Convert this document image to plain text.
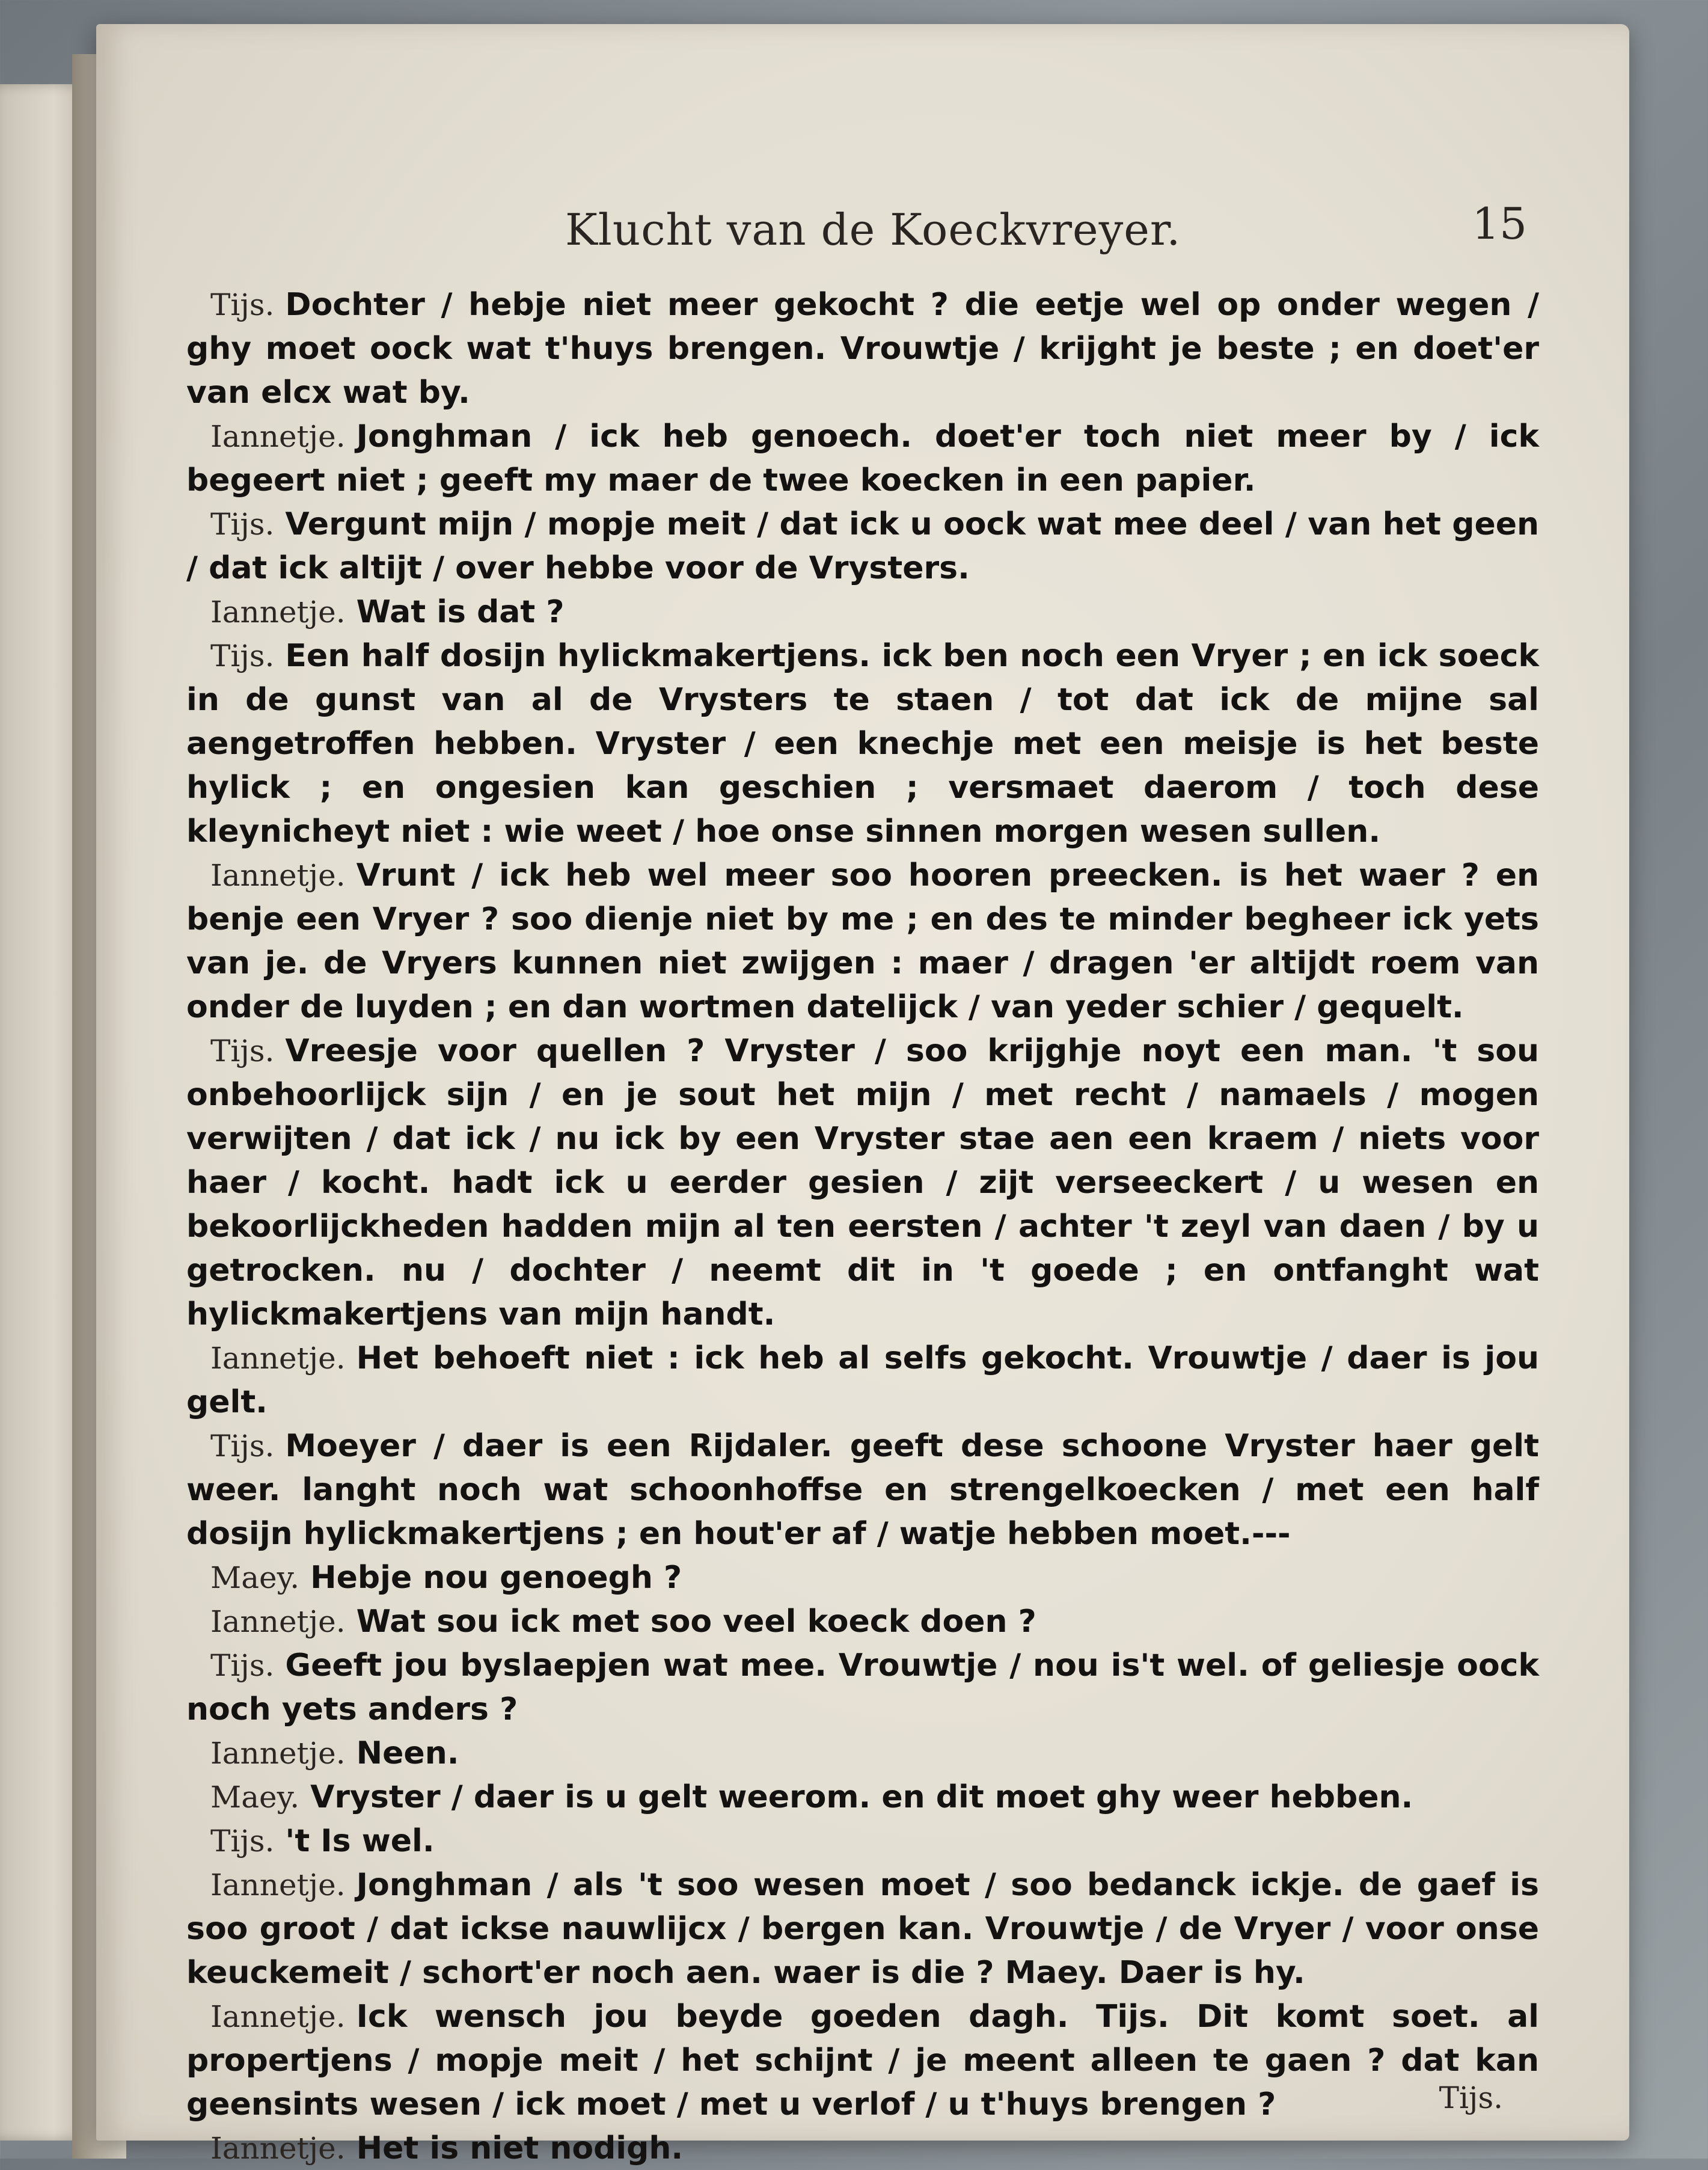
Klucht van de Koeckvreyer.	15

Tijs. Dochter / hebje niet meer gekocht ? die eetje wel op onder wegen / ghy moet oock wat t'huys brengen. Vrouwtje / krijght je beste ; en doet'er van elcx wat by.

Iannetje. Jonghman / ick heb genoech. doet'er toch niet meer by / ick begeert niet ; geeft my maer de twee koecken in een papier.

Tijs. Vergunt mijn / mopje meit / dat ick u oock wat mee deel / van het geen / dat ick altijt / over hebbe voor de Vrysters.

Iannetje. Wat is dat ?

Tijs. Een half dosijn hylickmakertjens. ick ben noch een Vryer ; en ick soeck in de gunst van al de Vrysters te staen / tot dat ick de mijne sal aengetroffen hebben. Vryster / een knechje met een meisje is het beste hylick ; en ongesien kan geschien ; versmaet daerom / toch dese kleynicheyt niet : wie weet / hoe onse sinnen morgen wesen sullen.

Iannetje. Vrunt / ick heb wel meer soo hooren preecken. is het waer ? en benje een Vryer ? soo dienje niet by me ; en des te minder begheer ick yets van je. de Vryers kunnen niet zwijgen : maer / dragen 'er altijdt roem van onder de luyden ; en dan wortmen datelijck / van yeder schier / gequelt.

Tijs. Vreesje voor quellen ? Vryster / soo krijghje noyt een man. 't sou onbehoorlijck sijn / en je sout het mijn / met recht / namaels / mogen verwijten / dat ick / nu ick by een Vryster stae aen een kraem / niets voor haer / kocht. hadt ick u eerder gesien / zijt verseeckert / u wesen en bekoorlijckheden hadden mijn al ten eersten / achter 't zeyl van daen / by u getrocken. nu / dochter / neemt dit in 't goede ; en ontfanght wat hylickmakertjens van mijn handt.

Iannetje. Het behoeft niet : ick heb al selfs gekocht. Vrouwtje / daer is jou gelt.

Tijs. Moeyer / daer is een Rijdaler. geeft dese schoone Vryster haer gelt weer. langht noch wat schoonhoffse en strengelkoecken / met een half dosijn hylickmakertjens ; en hout'er af / watje hebben moet.---

Maey. Hebje nou genoegh ?

Iannetje. Wat sou ick met soo veel koeck doen ?

Tijs. Geeft jou byslaepjen wat mee. Vrouwtje / nou is't wel. of geliesje oock noch yets anders ?

Iannetje. Neen.

Maey. Vryster / daer is u gelt weerom. en dit moet ghy weer hebben.

Tijs. 't Is wel.

Iannetje. Jonghman / als 't soo wesen moet / soo bedanck ickje. de gaef is soo groot / dat ickse nauwlijcx / bergen kan. Vrouwtje / de Vryer / voor onse keuckemeit / schort'er noch aen. waer is die ? Maey. Daer is hy.

Iannetje. Ick wensch jou beyde goeden dagh. Tijs. Dit komt soet. al propertjens / mopje meit / het schijnt / je meent alleen te gaen ? dat kan geensints wesen / ick moet / met u verlof / u t'huys brengen ?

Iannetje. Het is niet nodigh.

Tijs.
